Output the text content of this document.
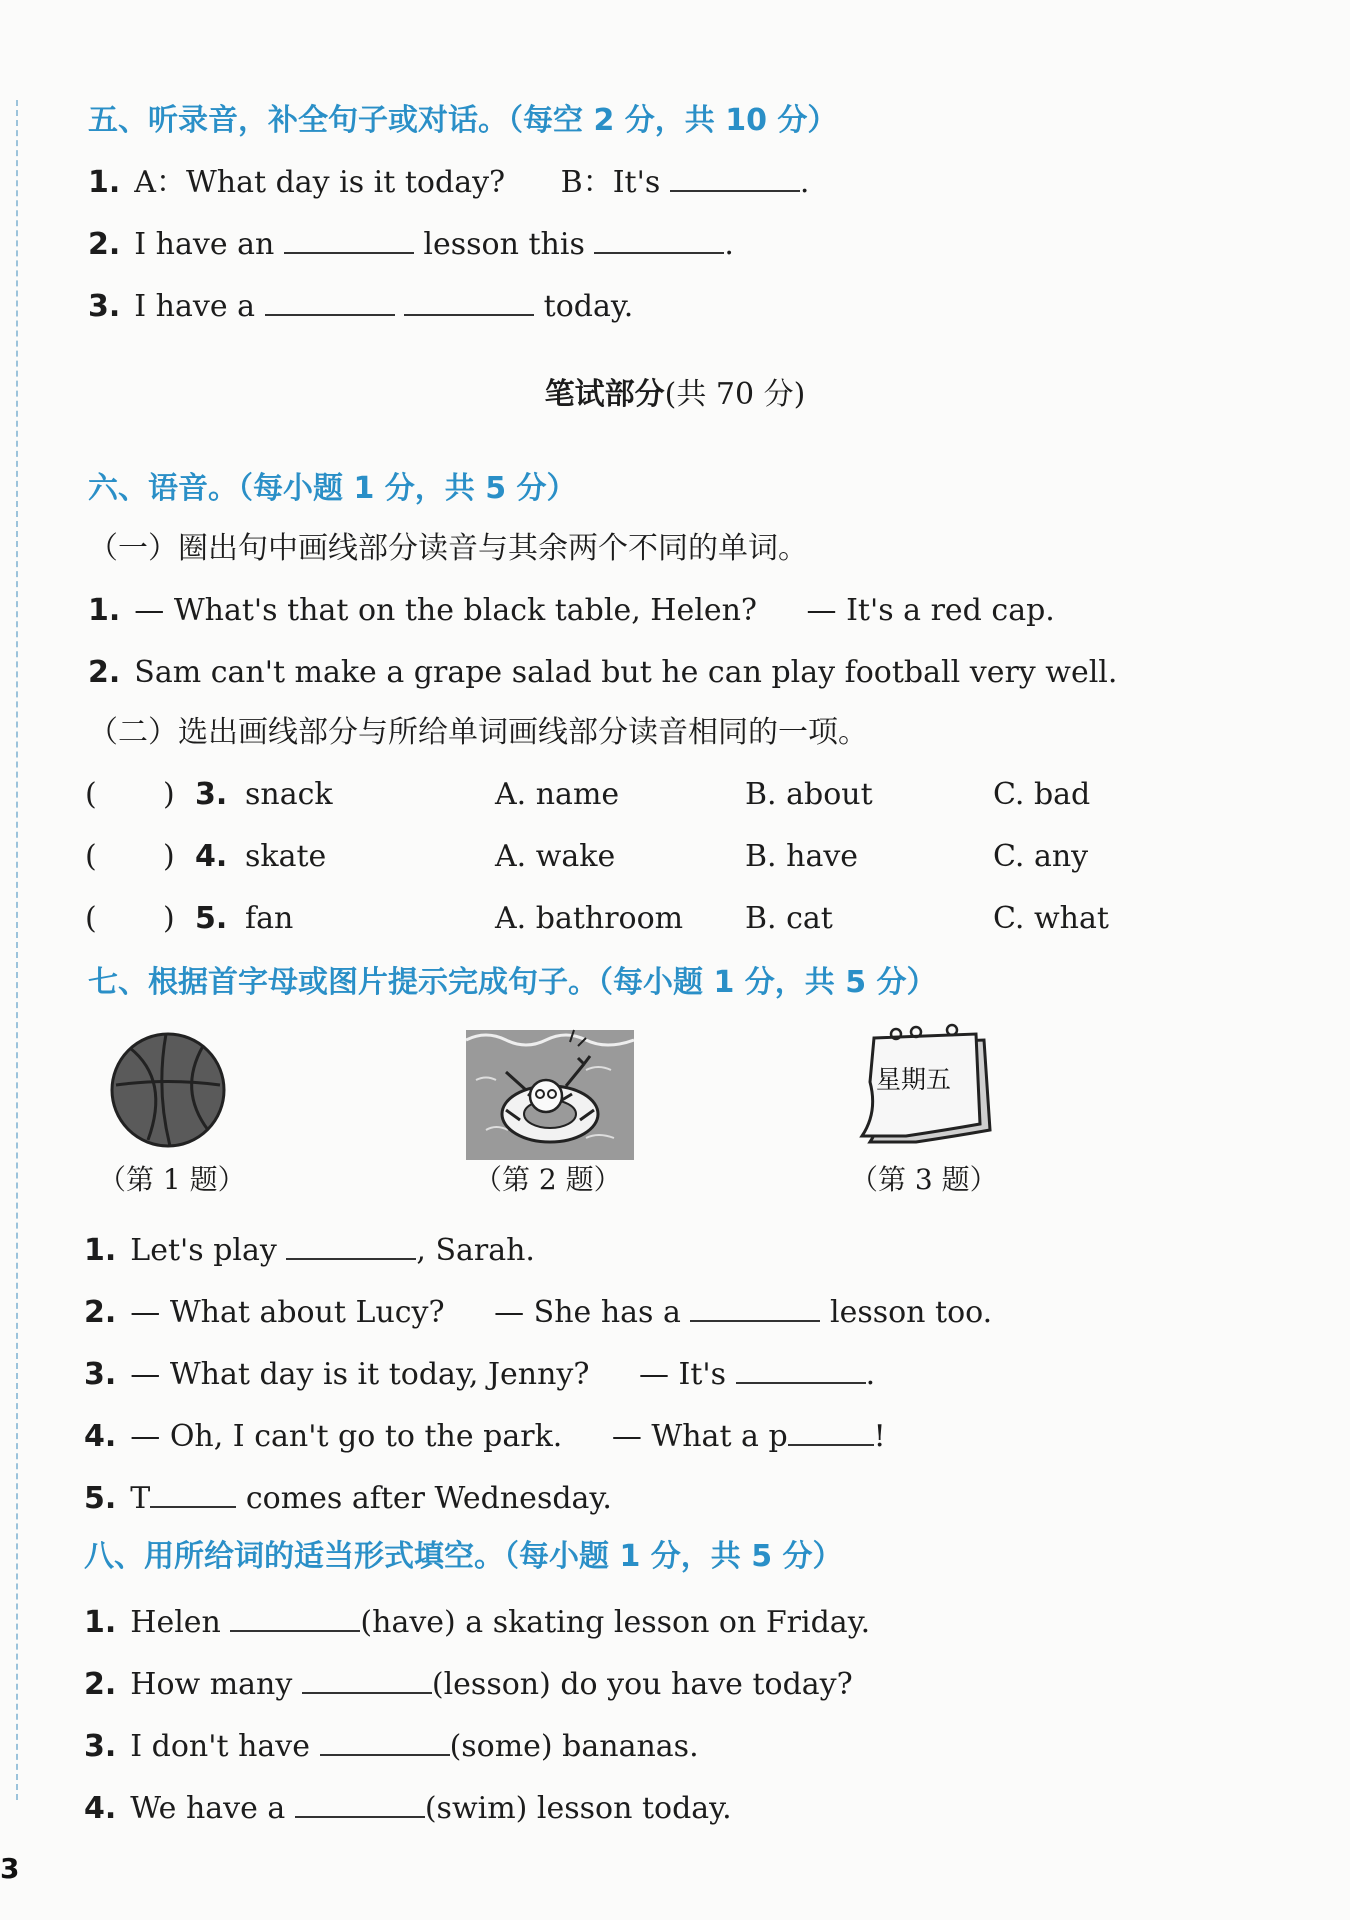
五、听录音，补全句子或对话。（每空 2 分，共 10 分）
1. A：What day is it today? B：It's	.
2. I have an	lesson this	.
3. I have a	today.
笔试部分(共 70 分)
六、语音。（每小题 1 分，共 5 分）
（一）圈出句中画线部分读音与其余两个不同的单词。
1. — What's that on the black table, Helen? — It's a red cap.
2. Sam can't make a grape salad but he can play football very well.
（二）选出画线部分与所给单词画线部分读音相同的一项。
( ) 3. snack	A. name	B. about	C. bad
( ) 4. skate	A. wake	B. have	C. any
( ) 5. fan	A. bathroom B. cat	C. what
七、根据首字母或图片提示完成句子。（每小题 1 分，共 5 分）
星期五
（第 1 题）	（第 2 题）	（第 3 题）
1. Let's play	, Sarah.
2. — What about Lucy? — She has a	lesson too.
3. — What day is it today, Jenny? — It's	.
4. — Oh, I can't go to the park. — What a p	!
5. T	comes after Wednesday.
八、用所给词的适当形式填空。（每小题 1 分，共 5 分）
1. Helen	(have) a skating lesson on Friday.
2. How many	(lesson) do you have today?
3. I don't have	(some) bananas.
4. We have a	(swim) lesson today.
3
